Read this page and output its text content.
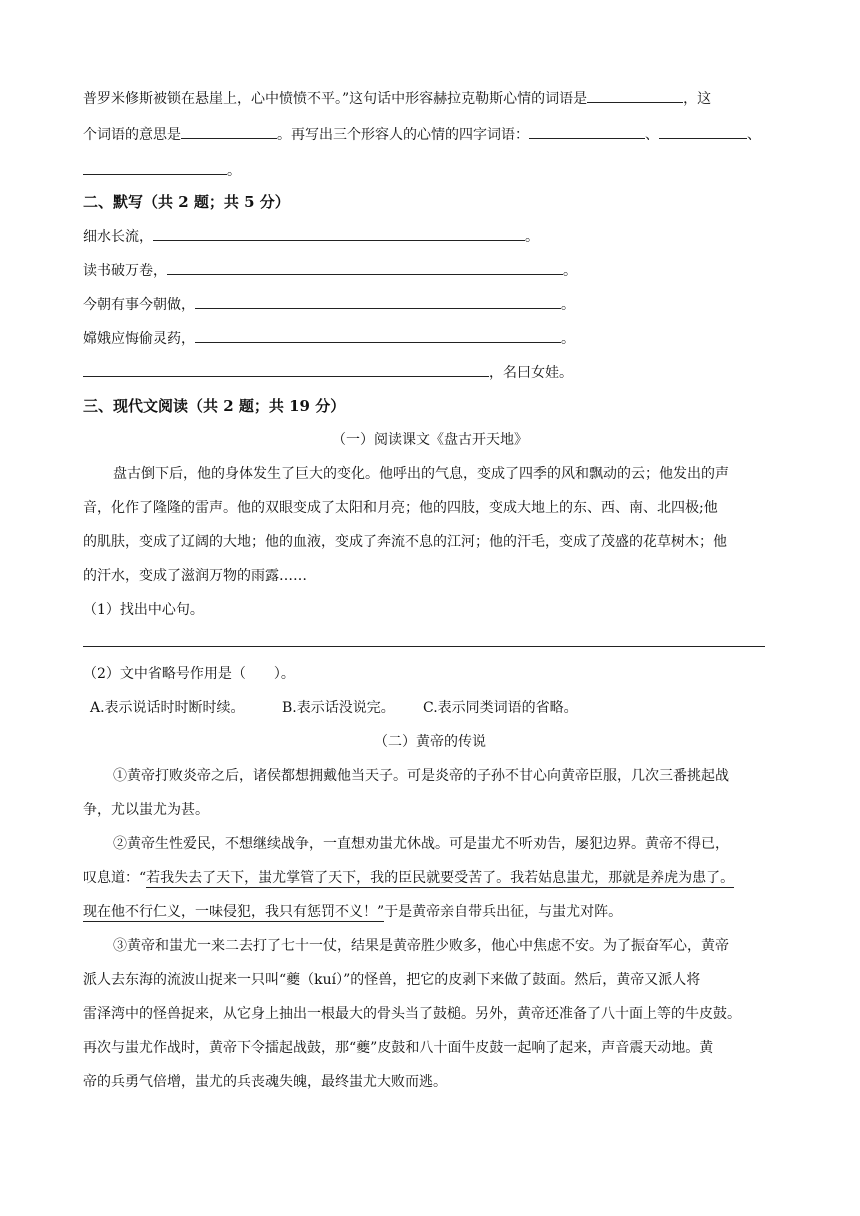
普罗米修斯被锁在悬崖上，心中愤愤不平。”这句话中形容赫拉克勒斯心情的词语是	，这
个词语的意思是	。再写出三个形容人的心情的四字词语：	、	、
。
二、默写（共 2 题；共 5 分）
细水长流，	。
读书破万卷，	。
今朝有事今朝做，	。
嫦娥应悔偷灵药，	。
，名曰女娃。
三、现代文阅读（共 2 题；共 19 分）
（一）阅读课文《盘古开天地》
盘古倒下后，他的身体发生了巨大的变化。他呼出的气息，变成了四季的风和飘动的云；他发出的声
音，化作了隆隆的雷声。他的双眼变成了太阳和月亮；他的四肢，变成大地上的东、西、南、北四极;他
的肌肤，变成了辽阔的大地；他的血液，变成了奔流不息的江河；他的汗毛，变成了茂盛的花草树木；他
的汗水，变成了滋润万物的雨露……
（1）找出中心句。
（2）文中省略号作用是（　　）。
A.表示说话时时断时续。	B.表示话没说完。 C.表示同类词语的省略。
（二）黄帝的传说
①黄帝打败炎帝之后，诸侯都想拥戴他当天子。可是炎帝的子孙不甘心向黄帝臣服，几次三番挑起战
争，尤以蚩尤为甚。
②黄帝生性爱民，不想继续战争，一直想劝蚩尤休战。可是蚩尤不听劝告，屡犯边界。黄帝不得已，
叹息道：“若我失去了天下，蚩尤掌管了天下，我的臣民就要受苦了。我若姑息蚩尤，那就是养虎为患了。
现在他不行仁义，一味侵犯，我只有惩罚不义！”于是黄帝亲自带兵出征，与蚩尤对阵。
③黄帝和蚩尤一来二去打了七十一仗，结果是黄帝胜少败多，他心中焦虑不安。为了振奋军心，黄帝
派人去东海的流波山捉来一只叫“夔（kuí）”的怪兽，把它的皮剥下来做了鼓面。然后，黄帝又派人将
雷泽湾中的怪兽捉来，从它身上抽出一根最大的骨头当了鼓槌。另外，黄帝还准备了八十面上等的牛皮鼓。
再次与蚩尤作战时，黄帝下令擂起战鼓，那“夔”皮鼓和八十面牛皮鼓一起响了起来，声音震天动地。黄
帝的兵勇气倍增，蚩尤的兵丧魂失魄，最终蚩尤大败而逃。
